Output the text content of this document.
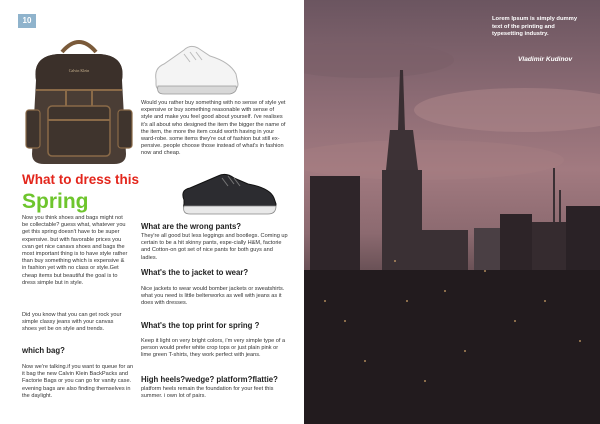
10
Calvin Klein

Would you rather buy something with no sense of style yet expensive or buy something reasonable with sense of style and make you feel good about yourself. i've realises it's all about who designed the item the bigger the name of the item, the more the item could worth having in your ward-robe. some items they're out of fashion but still ex-pensive. people choose those instead of what's in fashion now and cheap.

What to dress this
Spring

Now you think shoes and bags might not be collectable? guess what, whatever you get this spring doesn't have to be super expensive. but with favorable prices you cvan get nice canavs shoes and bags the most important thing is to have style rather than buy something which is expensive & in fashion yet with no class or style.Get cheap items but beautiful the goal is to dress simple but in style.

Did you know that you can get rock your simple classy jeans with your canvas shoes yet be on style and trends.

which bag?

Now we're talking.if you want to queue for an it bag the new Calvin Klein BackPacks and Factorie Bags or you can go for vanity case. evening bags are also finding themselves in the daylight.

What are the wrong pants?

They're all good but less leggings and bootlegs. Coming up certain to be a hit skinny pants, espe-cially H&M, factorie and Cotton-on got set of nice pants for both guys and ladies.

What's the to jacket to wear?

Nice jackets to wear would bomber jackets or sweatshirts. what you need is little belterworks as well with jeans as it does with dresses.

What's the top print for spring ?

Keep it light on very bright colors, i'm very simple type of a person would prefer white crop tops or just plain pink or lime green T-shirts, they work perfect with jeans.

High heels?wedge? platform?flattie?

platform heels remain the foundation for your feet this summer. i own lot of pairs.

Lorem Ipsum is simply dummy text of the printing and typesetting industry.

Vladimir Kudinov
